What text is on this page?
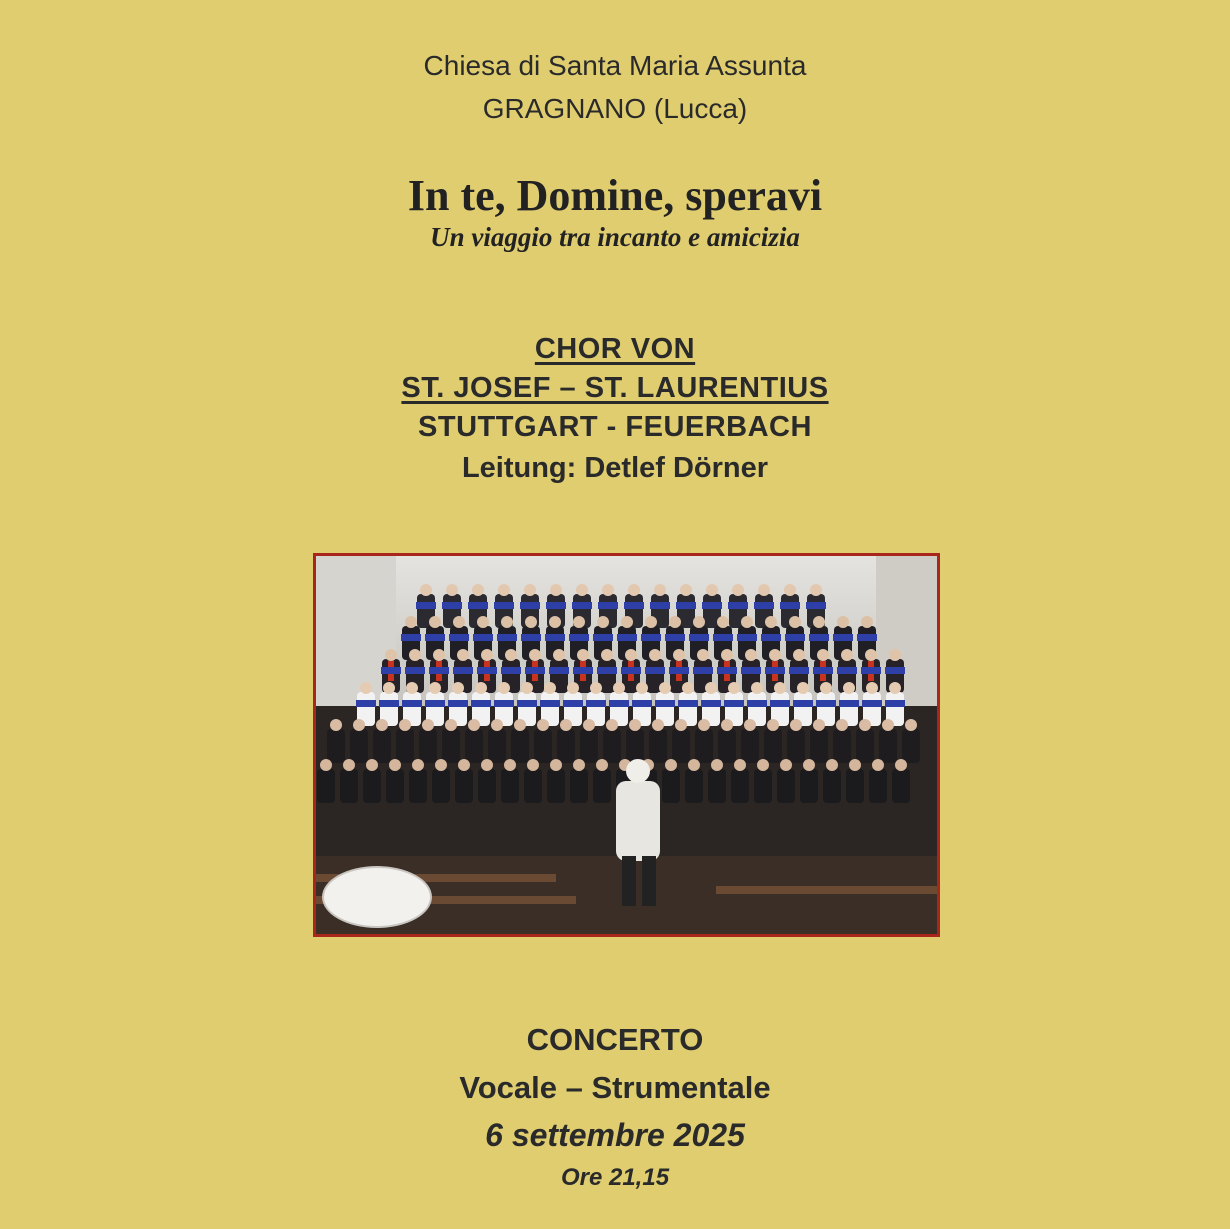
Chiesa di Santa Maria Assunta
GRAGNANO (Lucca)
In te, Domine, speravi
Un viaggio tra incanto e amicizia
CHOR VON
ST. JOSEF – ST. LAURENTIUS
STUTTGART - FEUERBACH
Leitung: Detlef Dörner
CONCERTO
Vocale – Strumentale
6 settembre 2025
Ore 21,15
